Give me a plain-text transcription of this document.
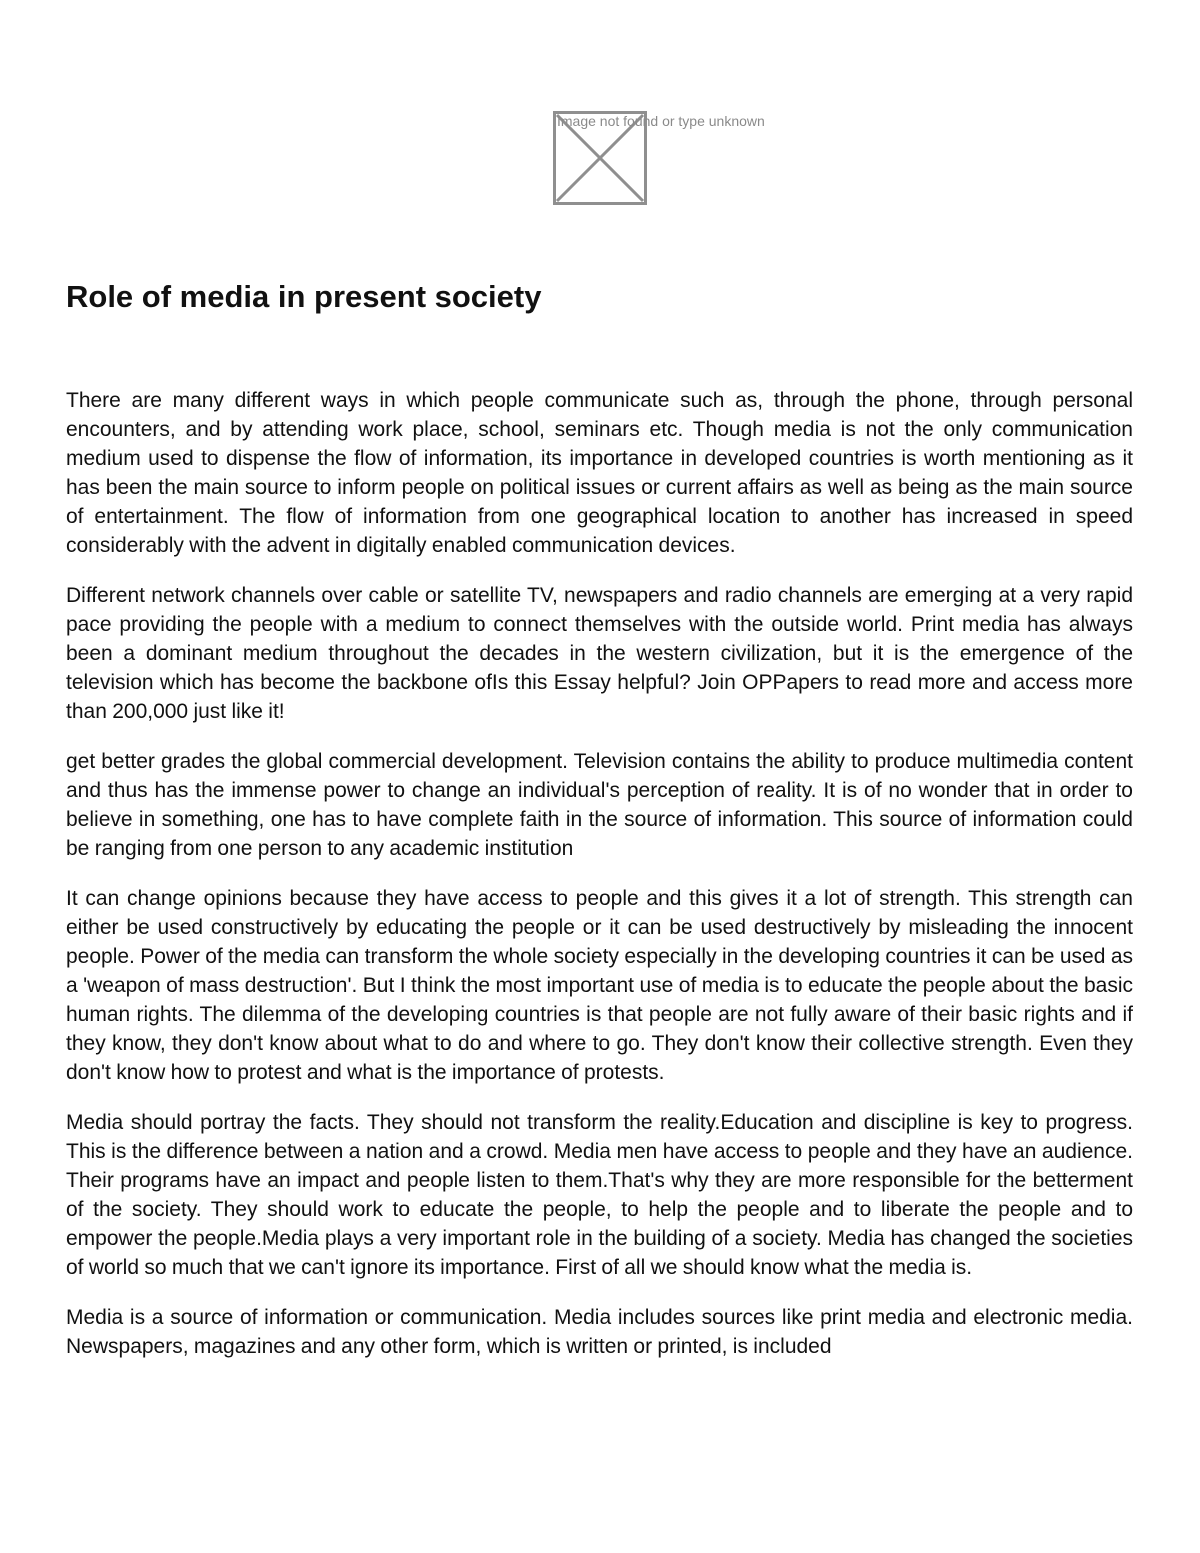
Image not found or type unknown
Role of media in present society

There are many different ways in which people communicate such as, through the phone, through personal encounters, and by attending work place, school, seminars etc. Though media is not the only communication medium used to dispense the flow of information, its importance in developed countries is worth mentioning as it has been the main source to inform people on political issues or current affairs as well as being as the main source of entertainment. The flow of information from one geographical location to another has increased in speed considerably with the advent in digitally enabled communication devices.

Different network channels over cable or satellite TV, newspapers and radio channels are emerging at a very rapid pace providing the people with a medium to connect themselves with the outside world. Print media has always been a dominant medium throughout the decades in the western civilization, but it is the emergence of the television which has become the backbone ofIs this Essay helpful? Join OPPapers to read more and access more than 200,000 just like it!

get better grades the global commercial development. Television contains the ability to produce multimedia content and thus has the immense power to change an individual's perception of reality. It is of no wonder that in order to believe in something, one has to have complete faith in the source of information. This source of information could be ranging from one person to any academic institution

It can change opinions because they have access to people and this gives it a lot of strength. This strength can either be used constructively by educating the people or it can be used destructively by misleading the innocent people. Power of the media can transform the whole society especially in the developing countries it can be used as a 'weapon of mass destruction'. But I think the most important use of media is to educate the people about the basic human rights. The dilemma of the developing countries is that people are not fully aware of their basic rights and if they know, they don't know about what to do and where to go. They don't know their collective strength. Even they don't know how to protest and what is the importance of protests.

Media should portray the facts. They should not transform the reality.Education and discipline is key to progress. This is the difference between a nation and a crowd. Media men have access to people and they have an audience. Their programs have an impact and people listen to them.That's why they are more responsible for the betterment of the society. They should work to educate the people, to help the people and to liberate the people and to empower the people.Media plays a very important role in the building of a society. Media has changed the societies of world so much that we can't ignore its importance. First of all we should know what the media is.

Media is a source of information or communication. Media includes sources like print media and electronic media. Newspapers, magazines and any other form, which is written or printed, is included
